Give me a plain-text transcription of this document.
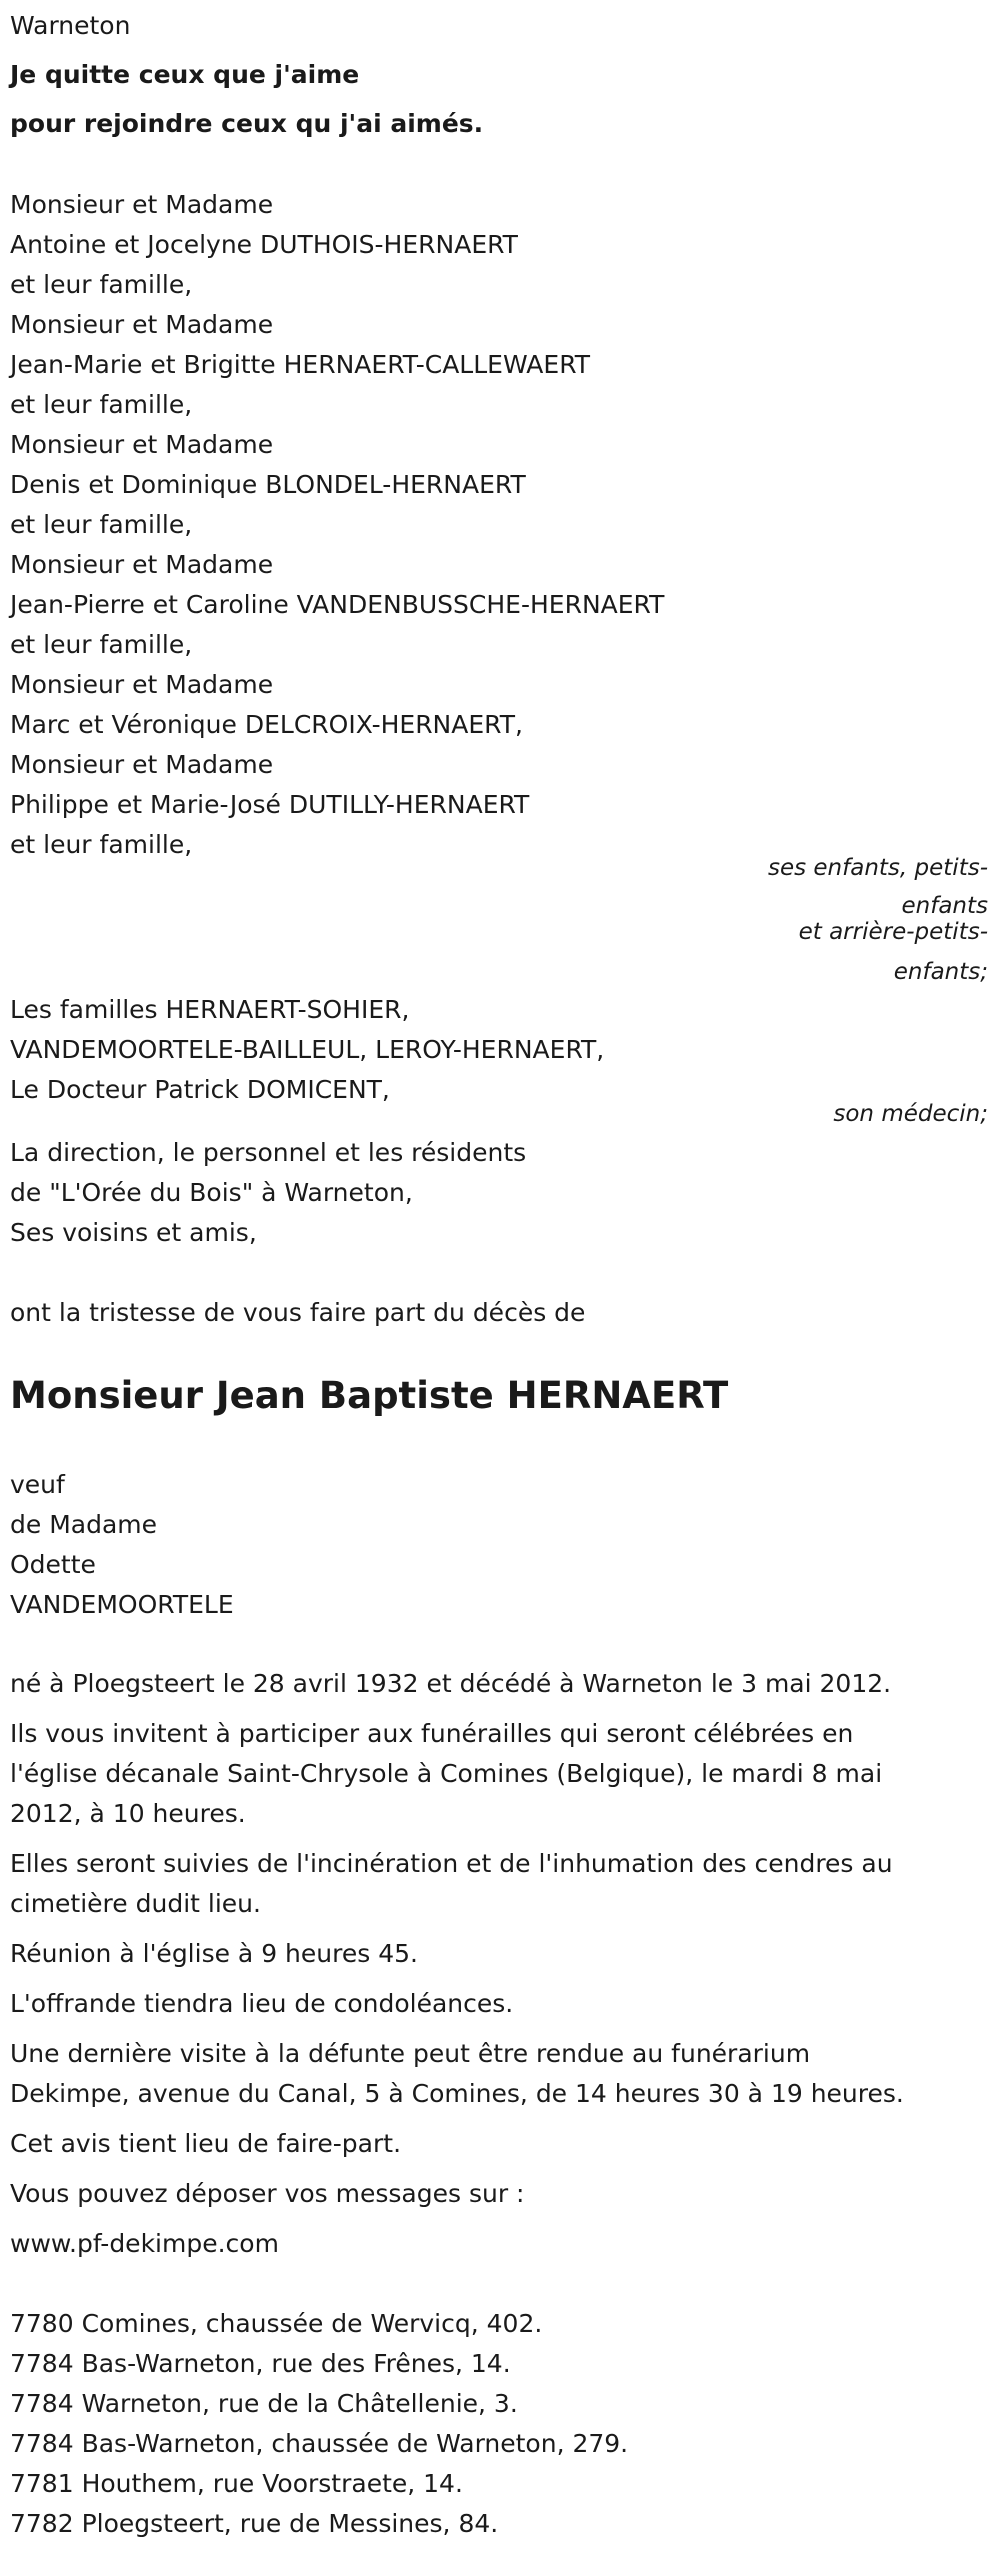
Warneton
Je quitte ceux que j'aime
pour rejoindre ceux qu j'ai aimés.
Monsieur et Madame
Antoine et Jocelyne DUTHOIS-HERNAERT
et leur famille,
Monsieur et Madame
Jean-Marie et Brigitte HERNAERT-CALLEWAERT
et leur famille,
Monsieur et Madame
Denis et Dominique BLONDEL-HERNAERT
et leur famille,
Monsieur et Madame
Jean-Pierre et Caroline VANDENBUSSCHE-HERNAERT
et leur famille,
Monsieur et Madame
Marc et Véronique DELCROIX-HERNAERT,
Monsieur et Madame
Philippe et Marie-José DUTILLY-HERNAERT
et leur famille,
ses enfants, petits-
enfants
et arrière-petits-
enfants;
Les familles HERNAERT-SOHIER,
VANDEMOORTELE-BAILLEUL, LEROY-HERNAERT,
Le Docteur Patrick DOMICENT,
son médecin;
La direction, le personnel et les résidents
de "L'Orée du Bois" à Warneton,
Ses voisins et amis,
ont la tristesse de vous faire part du décès de
Monsieur Jean Baptiste HERNAERT
veuf
de Madame
Odette
VANDEMOORTELE
né à Ploegsteert le 28 avril 1932 et décédé à Warneton le 3 mai 2012.
Ils vous invitent à participer aux funérailles qui seront célébrées en
l'église décanale Saint-Chrysole à Comines (Belgique), le mardi 8 mai
2012, à 10 heures.
Elles seront suivies de l'incinération et de l'inhumation des cendres au
cimetière dudit lieu.
Réunion à l'église à 9 heures 45.
L'offrande tiendra lieu de condoléances.
Une dernière visite à la défunte peut être rendue au funérarium
Dekimpe, avenue du Canal, 5 à Comines, de 14 heures 30 à 19 heures.
Cet avis tient lieu de faire-part.
Vous pouvez déposer vos messages sur :
www.pf-dekimpe.com
7780 Comines, chaussée de Wervicq, 402.
7784 Bas-Warneton, rue des Frênes, 14.
7784 Warneton, rue de la Châtellenie, 3.
7784 Bas-Warneton, chaussée de Warneton, 279.
7781 Houthem, rue Voorstraete, 14.
7782 Ploegsteert, rue de Messines, 84.
